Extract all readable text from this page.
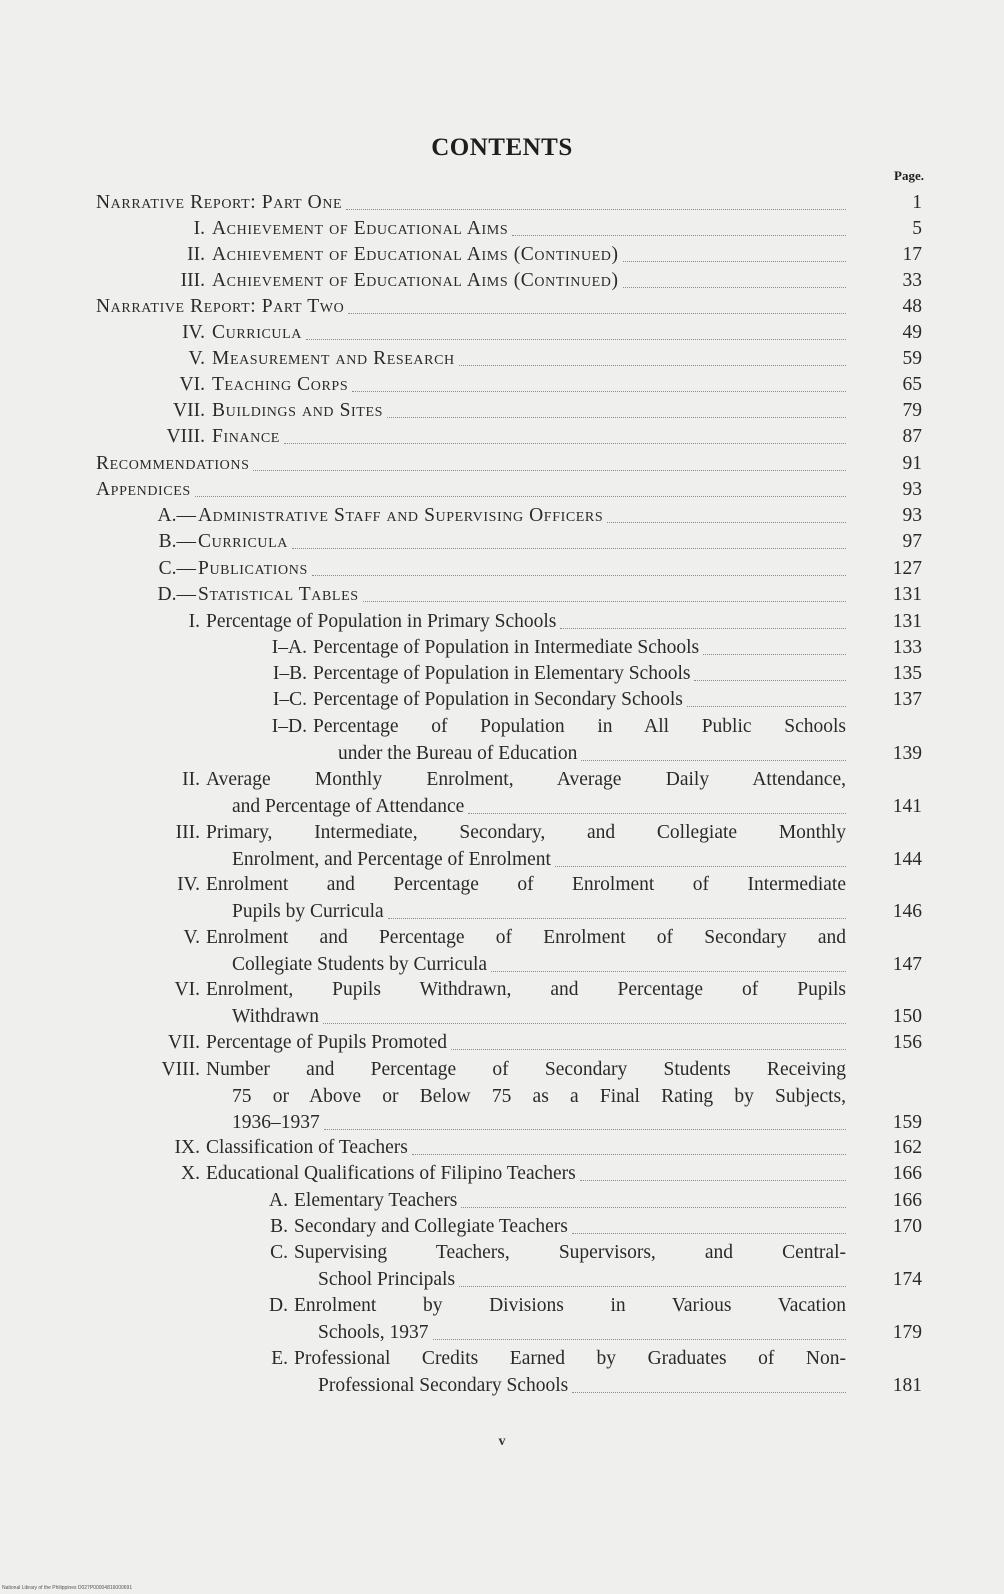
CONTENTS
Page.
Narrative Report: Part One	1
I. Achievement of Educational Aims	5
II. Achievement of Educational Aims (Continued)	17
III. Achievement of Educational Aims (Continued)	33
Narrative Report: Part Two	48
IV. Curricula	49
V. Measurement and Research	59
VI. Teaching Corps	65
VII. Buildings and Sites	79
VIII. Finance	87
Recommendations	91
Appendices	93
A.— Administrative Staff and Supervising Officers	93
B.— Curricula	97
C.— Publications	127
D.— Statistical Tables	131
I. Percentage of Population in Primary Schools	131
I–A. Percentage of Population in Intermediate Schools	133
I–B. Percentage of Population in Elementary Schools	135
I–C. Percentage of Population in Secondary Schools	137
I–D. Percentage of Population in All Public Schools
under the Bureau of Education	139
II. Average Monthly Enrolment, Average Daily Attendance,
and Percentage of Attendance	141
III. Primary, Intermediate, Secondary, and Collegiate Monthly
Enrolment, and Percentage of Enrolment	144
IV. Enrolment and Percentage of Enrolment of Intermediate
Pupils by Curricula	146
V. Enrolment and Percentage of Enrolment of Secondary and
Collegiate Students by Curricula	147
VI. Enrolment, Pupils Withdrawn, and Percentage of Pupils
Withdrawn	150
VII. Percentage of Pupils Promoted	156
VIII. Number and Percentage of Secondary Students Receiving
75 or Above or Below 75 as a Final Rating by Subjects,
1936–1937	159
IX. Classification of Teachers	162
X. Educational Qualifications of Filipino Teachers	166
A. Elementary Teachers	166
B. Secondary and Collegiate Teachers	170
C. Supervising Teachers, Supervisors, and Central-
School Principals	174
D. Enrolment by Divisions in Various Vacation
Schools, 1937	179
E. Professional Credits Earned by Graduates of Non-
Professional Secondary Schools	181
v
National Library of the Philippines D027P00004816000691
